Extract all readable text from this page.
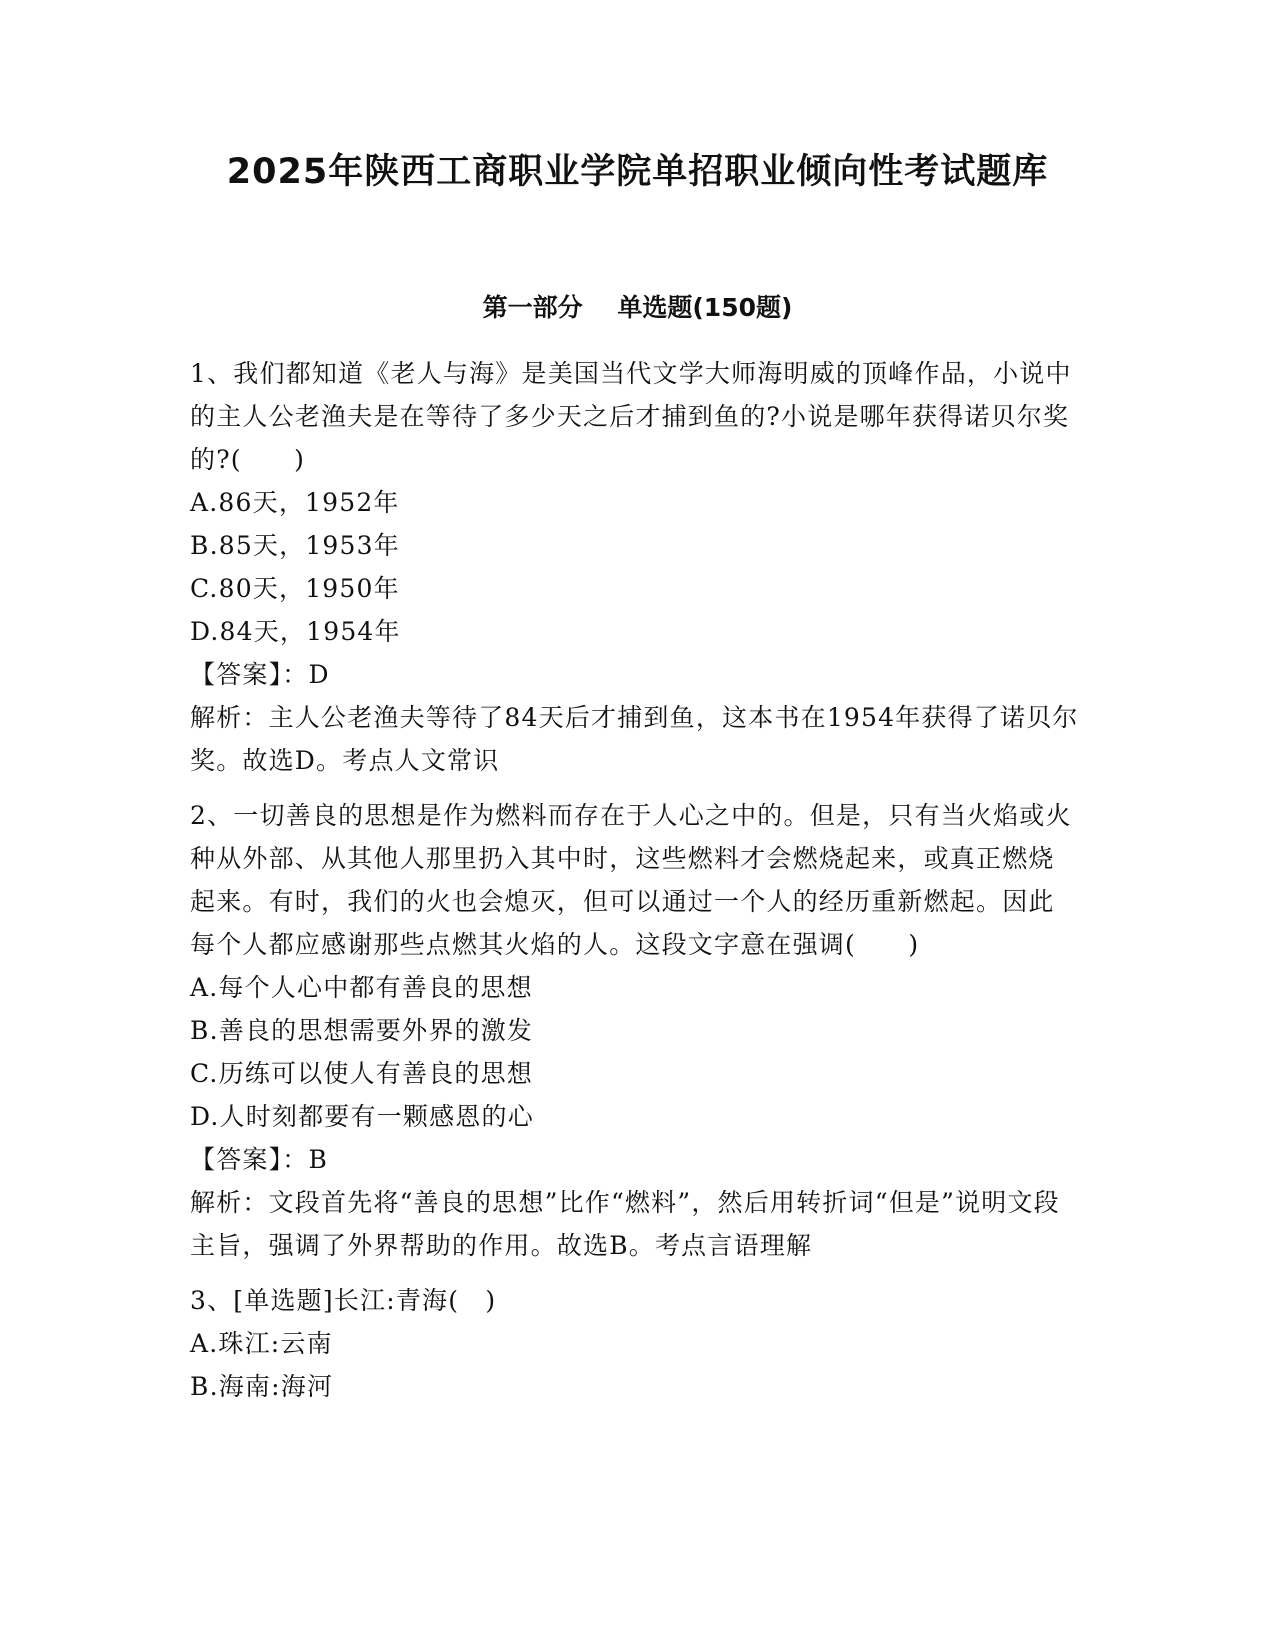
2025年陕西工商职业学院单招职业倾向性考试题库
第一部分    单选题(150题)

1、我们都知道《老人与海》是美国当代文学大师海明威的顶峰作品，小说中的主人公老渔夫是在等待了多少天之后才捕到鱼的?小说是哪年获得诺贝尔奖的?(　　)

A.86天，1952年

B.85天，1953年

C.80天，1950年

D.84天，1954年

【答案】：D

解析：主人公老渔夫等待了84天后才捕到鱼，这本书在1954年获得了诺贝尔奖。故选D。考点人文常识

2、一切善良的思想是作为燃料而存在于人心之中的。但是，只有当火焰或火种从外部、从其他人那里扔入其中时，这些燃料才会燃烧起来，或真正燃烧起来。有时，我们的火也会熄灭，但可以通过一个人的经历重新燃起。因此每个人都应感谢那些点燃其火焰的人。这段文字意在强调(　　)

A.每个人心中都有善良的思想

B.善良的思想需要外界的激发

C.历练可以使人有善良的思想

D.人时刻都要有一颗感恩的心

【答案】：B

解析：文段首先将“善良的思想”比作“燃料”，然后用转折词“但是”说明文段主旨，强调了外界帮助的作用。故选B。考点言语理解

3、[单选题]长江:青海(　)

A.珠江:云南

B.海南:海河
